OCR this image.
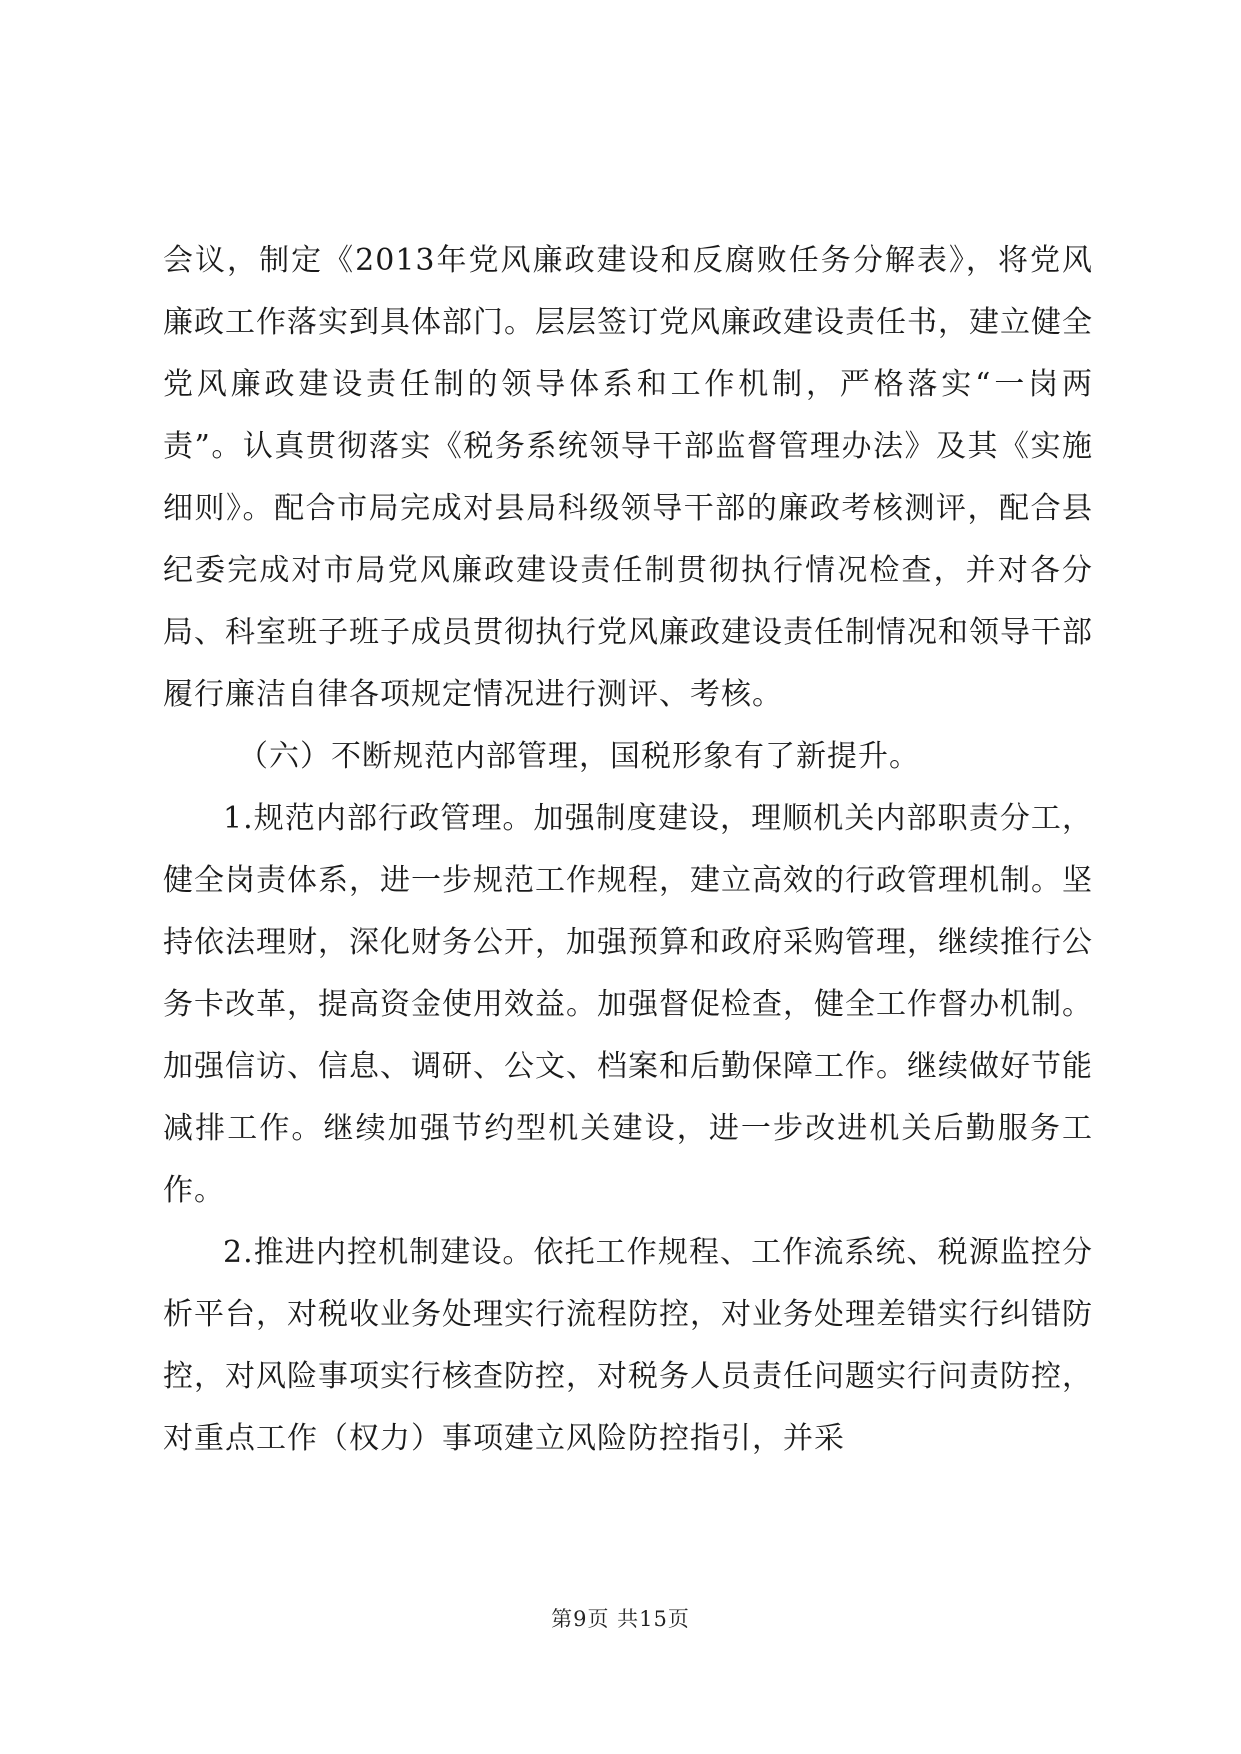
会议，制定《2013年党风廉政建设和反腐败任务分解表》，将党风廉政工作落实到具体部门。层层签订党风廉政建设责任书，建立健全党风廉政建设责任制的领导体系和工作机制，严格落实“一岗两责”。认真贯彻落实《税务系统领导干部监督管理办法》及其《实施细则》。配合市局完成对县局科级领导干部的廉政考核测评，配合县纪委完成对市局党风廉政建设责任制贯彻执行情况检查，并对各分局、科室班子班子成员贯彻执行党风廉政建设责任制情况和领导干部履行廉洁自律各项规定情况进行测评、考核。

（六）不断规范内部管理，国税形象有了新提升。

1.规范内部行政管理。加强制度建设，理顺机关内部职责分工，健全岗责体系，进一步规范工作规程，建立高效的行政管理机制。坚持依法理财，深化财务公开，加强预算和政府采购管理，继续推行公务卡改革，提高资金使用效益。加强督促检查，健全工作督办机制。加强信访、信息、调研、公文、档案和后勤保障工作。继续做好节能减排工作。继续加强节约型机关建设，进一步改进机关后勤服务工作。

2.推进内控机制建设。依托工作规程、工作流系统、税源监控分析平台，对税收业务处理实行流程防控，对业务处理差错实行纠错防控，对风险事项实行核查防控，对税务人员责任问题实行问责防控，对重点工作（权力）事项建立风险防控指引，并采

第9页 共15页
